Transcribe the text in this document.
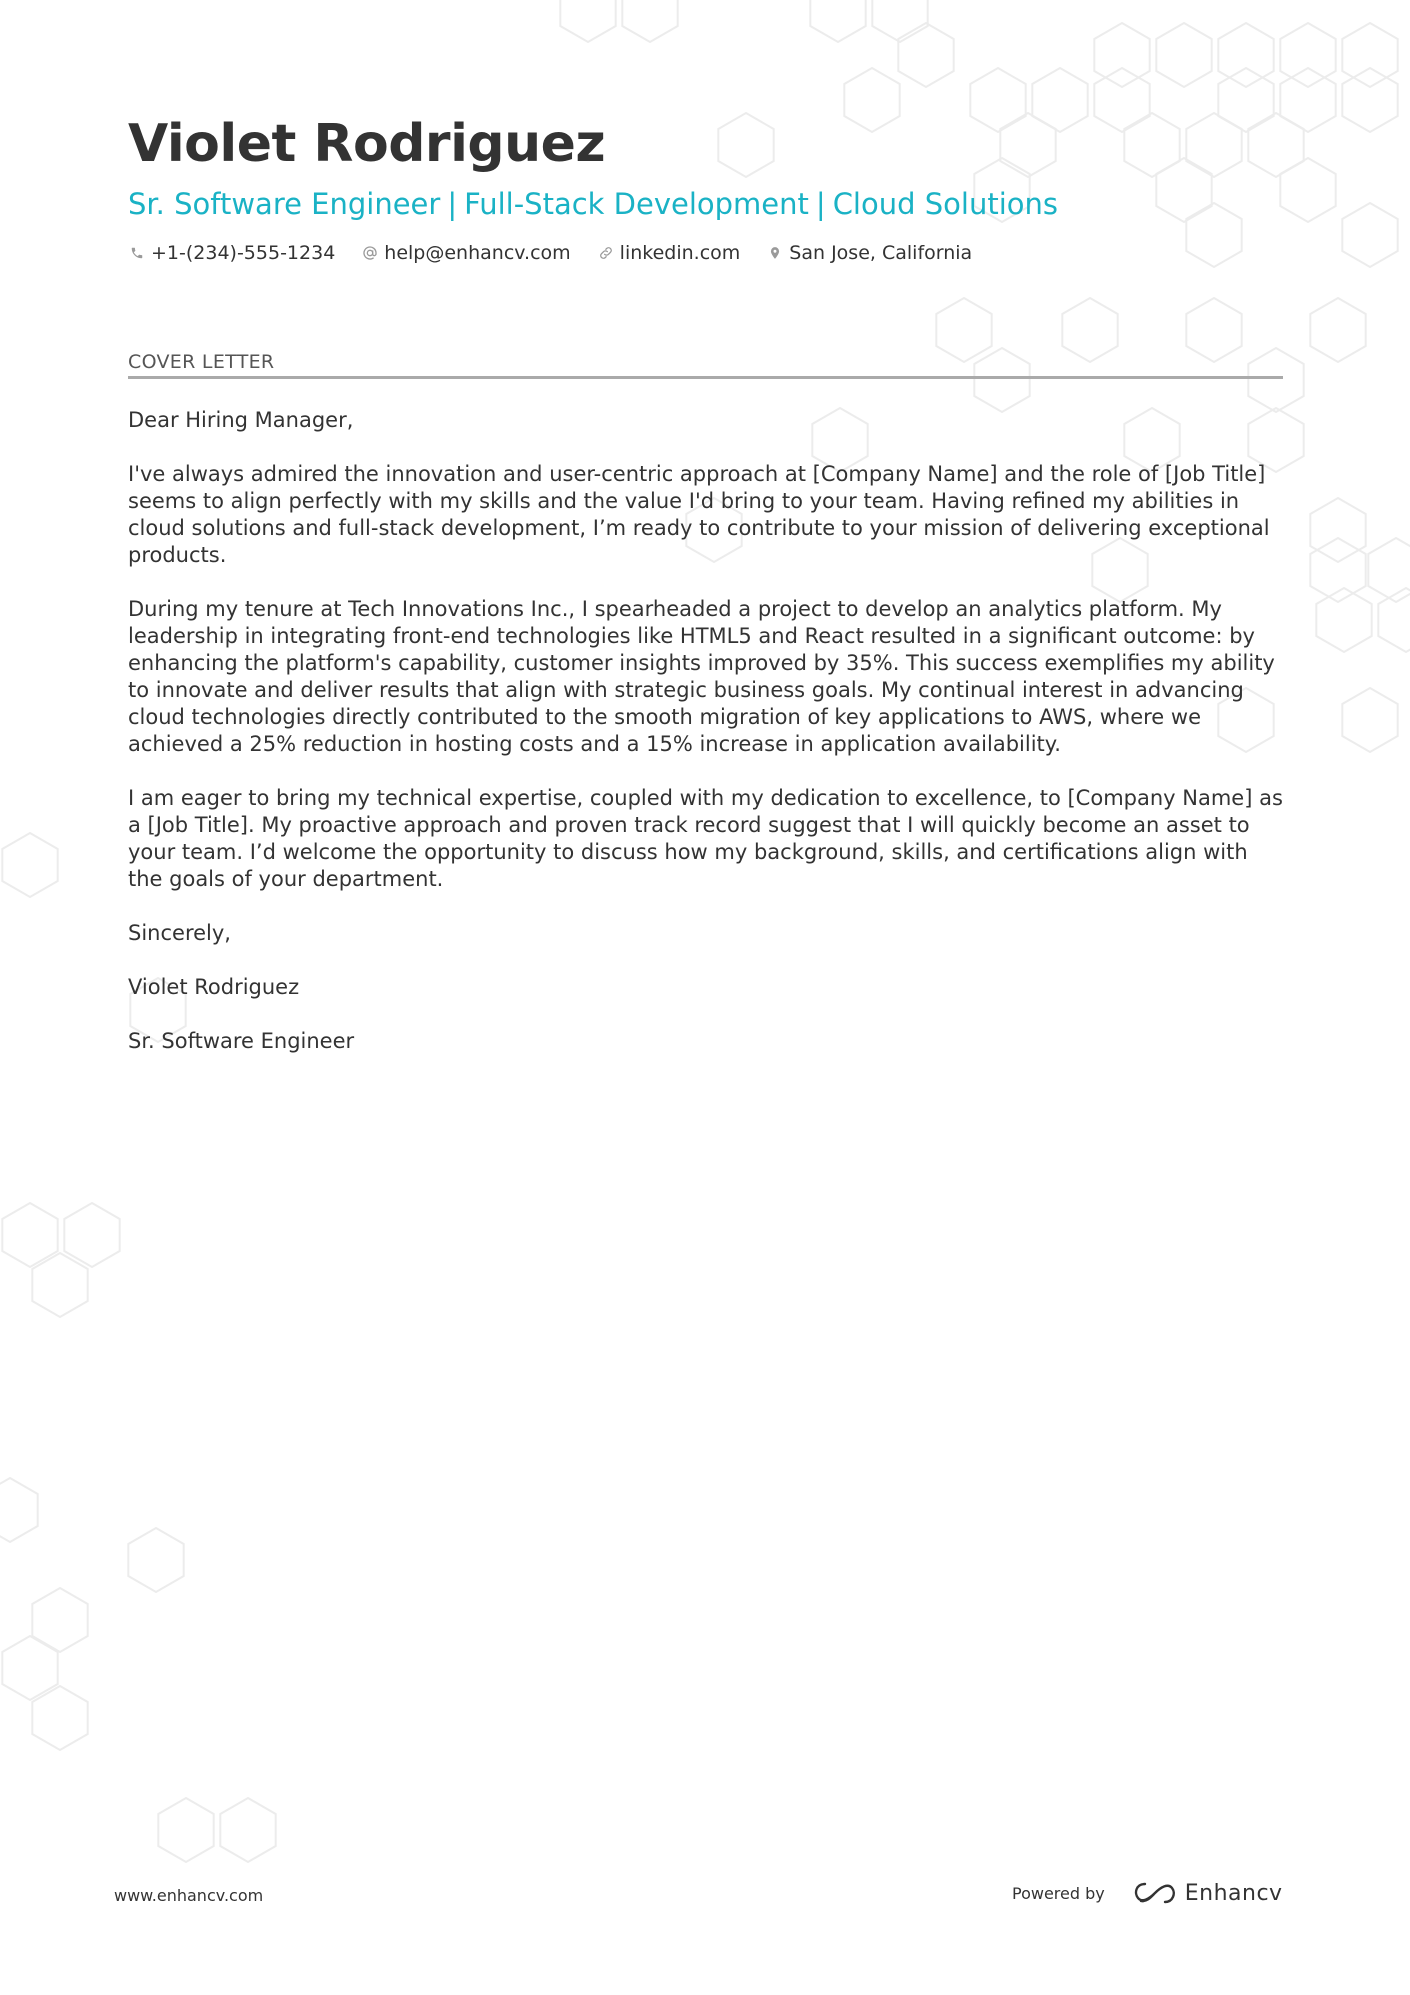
Violet Rodriguez
Sr. Software Engineer | Full-Stack Development | Cloud Solutions
+1-(234)-555-1234	help@enhancv.com	linkedin.com	San Jose, California
COVER LETTER

Dear Hiring Manager,

I've always admired the innovation and user-centric approach at [Company Name] and the role of [Job Title] seems to align perfectly with my skills and the value I'd bring to your team. Having refined my abilities in cloud solutions and full-stack development, I’m ready to contribute to your mission of delivering exceptional products.

During my tenure at Tech Innovations Inc., I spearheaded a project to develop an analytics platform. My leadership in integrating front-end technologies like HTML5 and React resulted in a significant outcome: by enhancing the platform's capability, customer insights improved by 35%. This success exemplifies my ability to innovate and deliver results that align with strategic business goals. My continual interest in advancing cloud technologies directly contributed to the smooth migration of key applications to AWS, where we achieved a 25% reduction in hosting costs and a 15% increase in application availability.

I am eager to bring my technical expertise, coupled with my dedication to excellence, to [Company Name] as a [Job Title]. My proactive approach and proven track record suggest that I will quickly become an asset to your team. I’d welcome the opportunity to discuss how my background, skills, and certifications align with the goals of your department.

Sincerely,

Violet Rodriguez

Sr. Software Engineer

www.enhancv.com	Powered by	Enhancv
